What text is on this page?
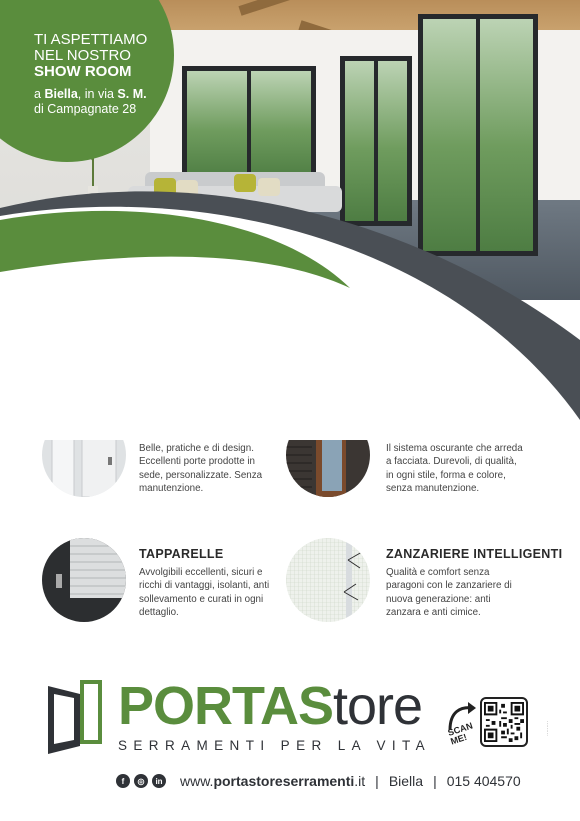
TI ASPETTIAMO
NEL NOSTRO
SHOW ROOM
a Biella, in via S. M.
di Campagnate 28
Belle, pratiche e di design. Eccellenti porte prodotte in sede, personalizzate. Senza manutenzione.
Il sistema oscurante che arreda a facciata. Durevoli, di qualità, in ogni stile, forma e colore, senza manutenzione.
TAPPARELLE
Avvolgibili eccellenti, sicuri e ricchi di vantaggi, isolanti, anti sollevamento e curati in ogni dettaglio.
ZANZARIERE INTELLIGENTI
Qualità e comfort senza paragoni con le zanzariere di nuova generazione: anti zanzara e anti cimice.
PORTAStore
SERRAMENTI PER LA VITA
SCAN
ME!
·········
f	◎	in www.portastoreserramenti.it | Biella | 015 404570
